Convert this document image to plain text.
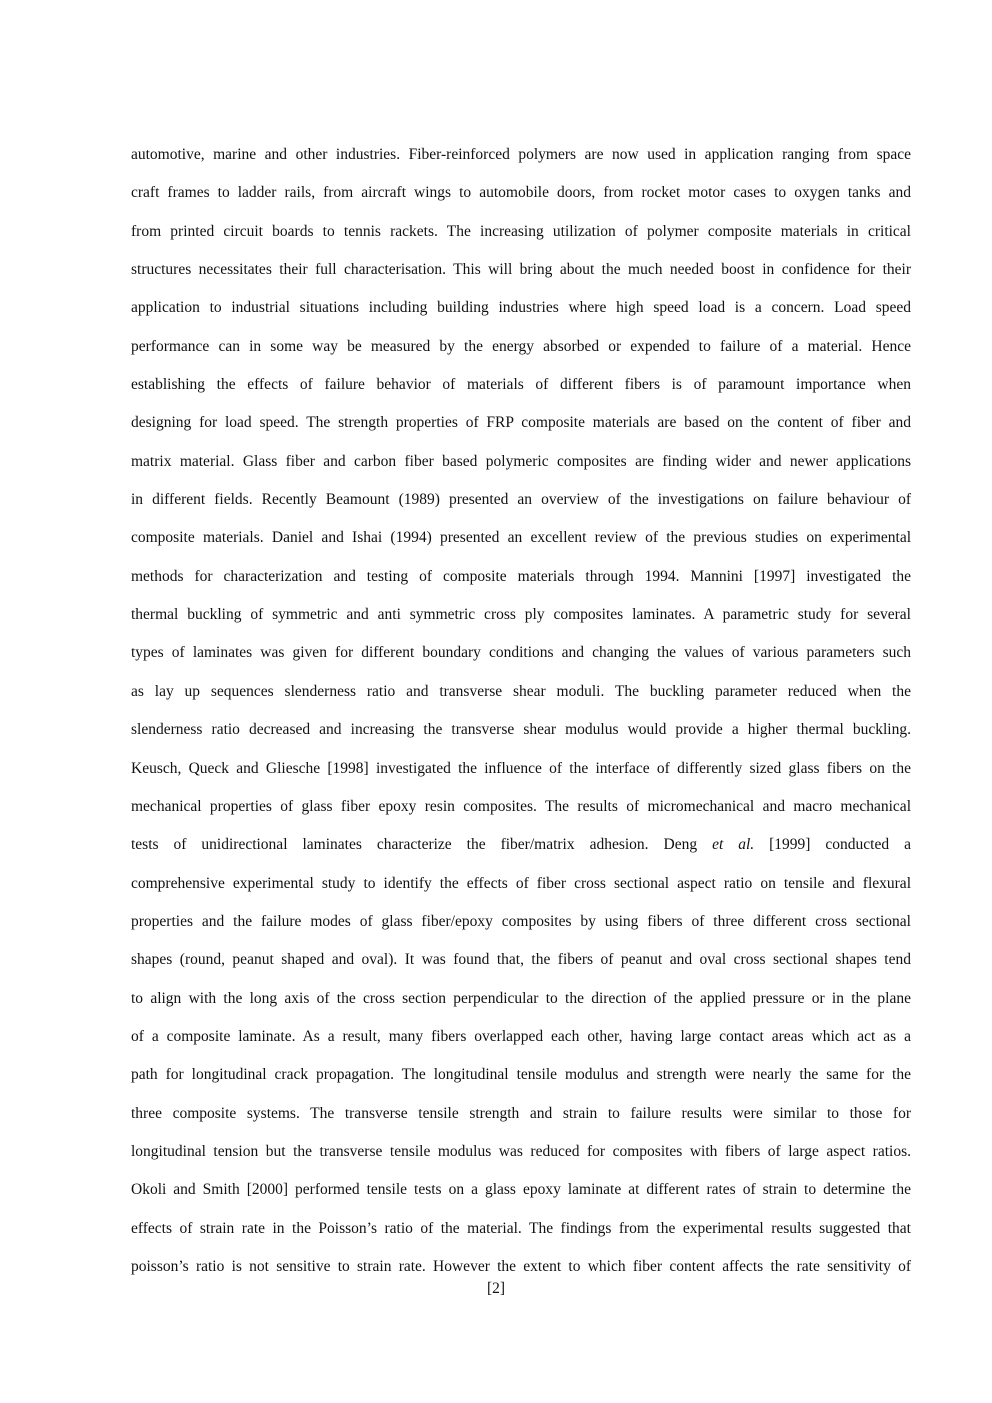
automotive, marine and other industries. Fiber-reinforced polymers are now used in application ranging from space
craft frames to ladder rails, from aircraft wings to automobile doors, from rocket motor cases to oxygen tanks and
from printed circuit boards to tennis rackets. The increasing utilization of polymer composite materials in critical
structures necessitates their full characterisation. This will bring about the much needed boost in confidence for their
application to industrial situations including building industries where high speed load is a concern. Load speed
performance can in some way be measured by the energy absorbed or expended to failure of a material. Hence
establishing the effects of failure behavior of materials of different fibers is of paramount importance when
designing for load speed. The strength properties of FRP composite materials are based on the content of fiber and
matrix material. Glass fiber and carbon fiber based polymeric composites are finding wider and newer applications
in different fields. Recently Beamount (1989) presented an overview of the investigations on failure behaviour of
composite materials. Daniel and Ishai (1994) presented an excellent review of the previous studies on experimental
methods for characterization and testing of composite materials through 1994. Mannini [1997] investigated the
thermal buckling of symmetric and anti symmetric cross ply composites laminates. A parametric study for several
types of laminates was given for different boundary conditions and changing the values of various parameters such
as lay up sequences slenderness ratio and transverse shear moduli. The buckling parameter reduced when the
slenderness ratio decreased and increasing the transverse shear modulus would provide a higher thermal buckling.
Keusch, Queck and Gliesche [1998] investigated the influence of the interface of differently sized glass fibers on the
mechanical properties of glass fiber epoxy resin composites. The results of micromechanical and macro mechanical
tests of unidirectional laminates characterize the fiber/matrix adhesion. Deng et al. [1999] conducted a
comprehensive experimental study to identify the effects of fiber cross sectional aspect ratio on tensile and flexural
properties and the failure modes of glass fiber/epoxy composites by using fibers of three different cross sectional
shapes (round, peanut shaped and oval). It was found that, the fibers of peanut and oval cross sectional shapes tend
to align with the long axis of the cross section perpendicular to the direction of the applied pressure or in the plane
of a composite laminate. As a result, many fibers overlapped each other, having large contact areas which act as a
path for longitudinal crack propagation. The longitudinal tensile modulus and strength were nearly the same for the
three composite systems. The transverse tensile strength and strain to failure results were similar to those for
longitudinal tension but the transverse tensile modulus was reduced for composites with fibers of large aspect ratios.
Okoli and Smith [2000] performed tensile tests on a glass epoxy laminate at different rates of strain to determine the
effects of strain rate in the Poisson’s ratio of the material. The findings from the experimental results suggested that
poisson’s ratio is not sensitive to strain rate. However the extent to which fiber content affects the rate sensitivity of
[2]
